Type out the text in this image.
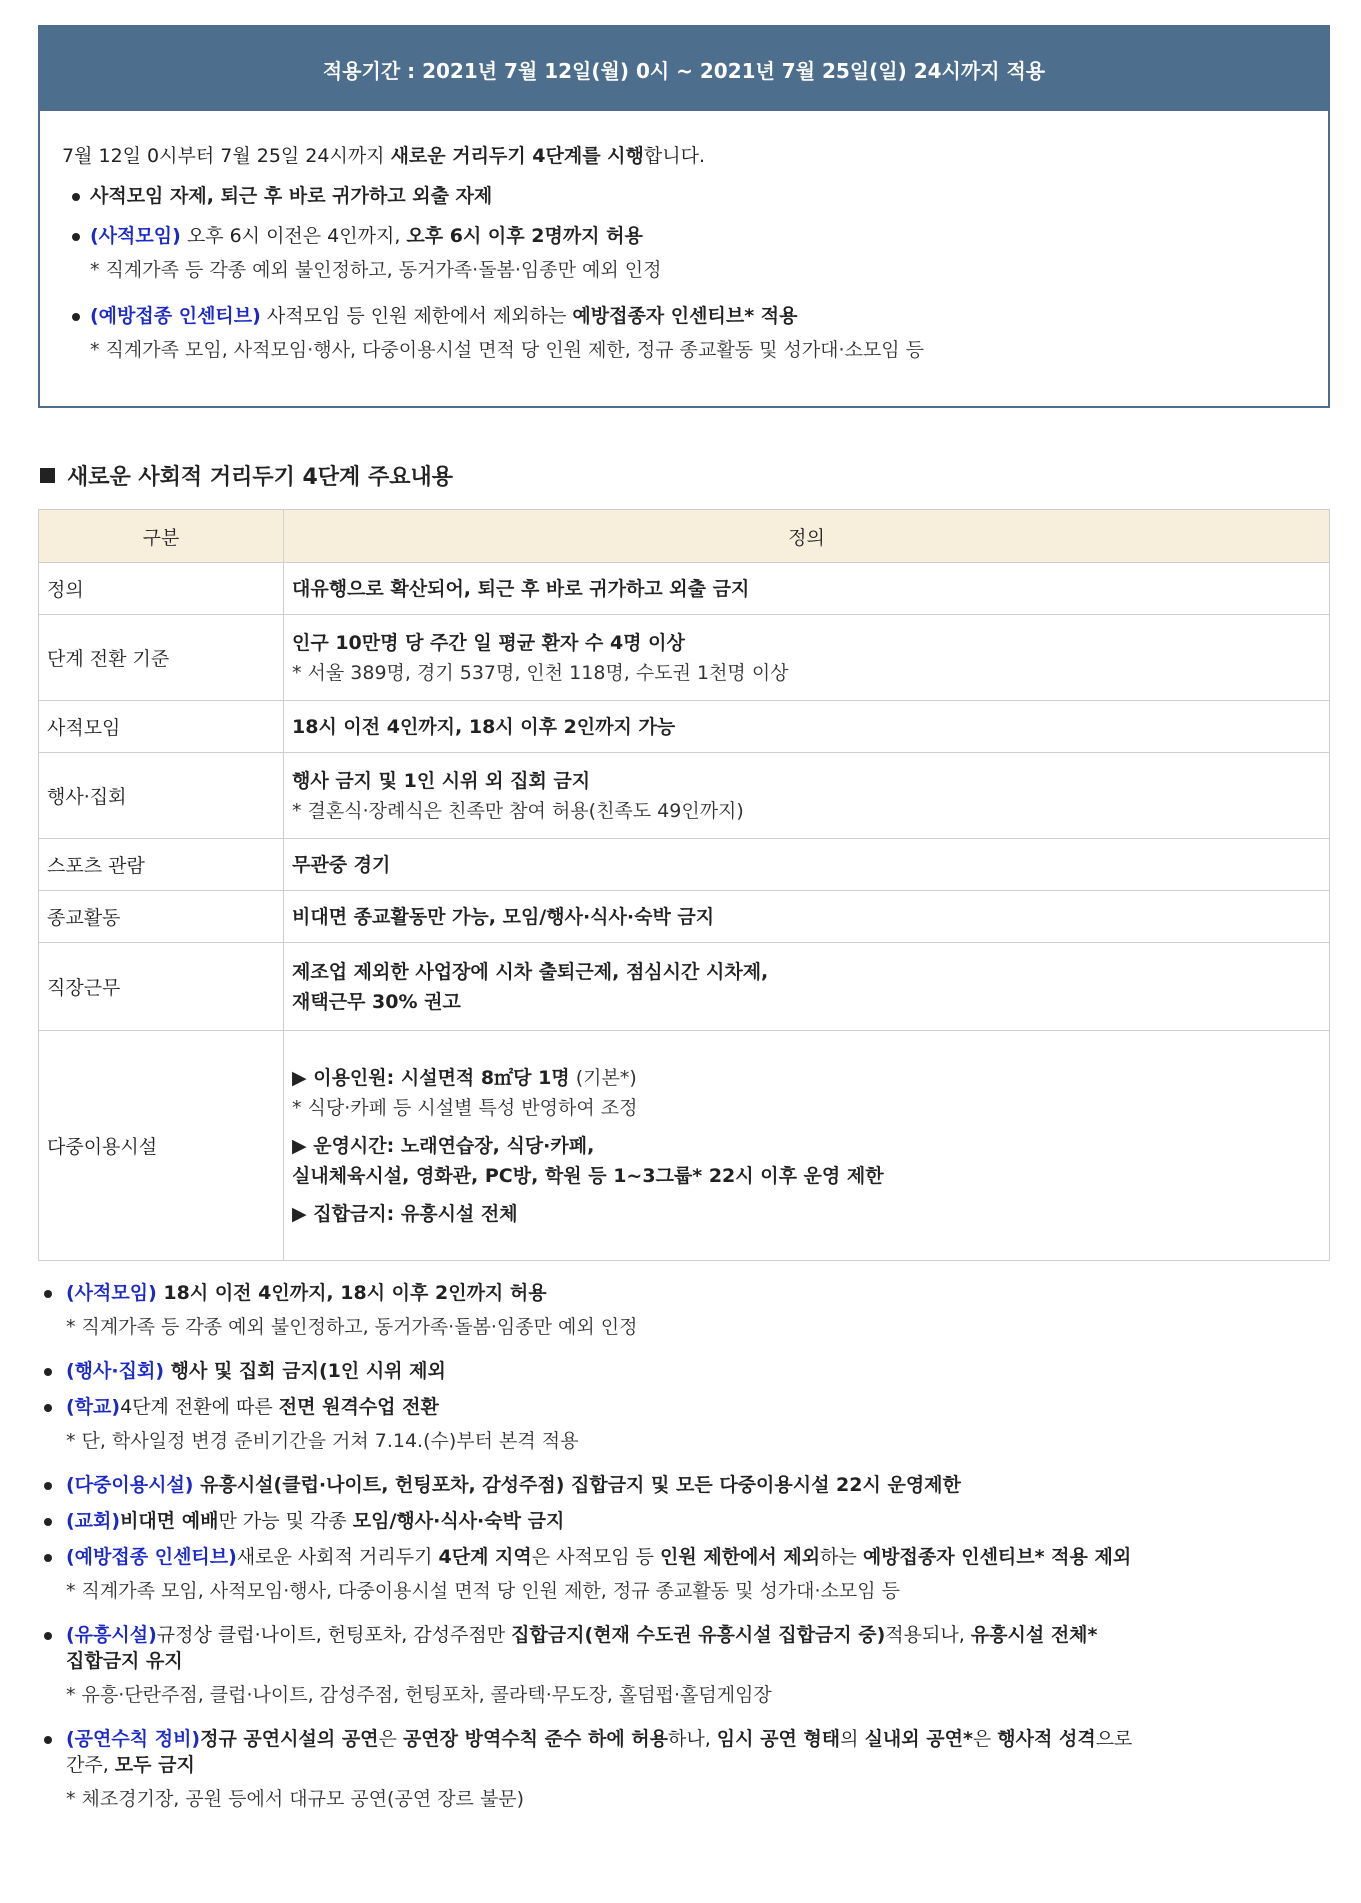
적용기간 : 2021년 7월 12일(월) 0시 ~ 2021년 7월 25일(일) 24시까지 적용
7월 12일 0시부터 7월 25일 24시까지 새로운 거리두기 4단계를 시행합니다.
사적모임 자제, 퇴근 후 바로 귀가하고 외출 자제
(사적모임) 오후 6시 이전은 4인까지, 오후 6시 이후 2명까지 허용
* 직계가족 등 각종 예외 불인정하고, 동거가족·돌봄·임종만 예외 인정
(예방접종 인센티브) 사적모임 등 인원 제한에서 제외하는 예방접종자 인센티브* 적용
* 직계가족 모임, 사적모임·행사, 다중이용시설 면적 당 인원 제한, 정규 종교활동 및 성가대·소모임 등
새로운 사회적 거리두기 4단계 주요내용
구분	정의
정의	대유행으로 확산되어, 퇴근 후 바로 귀가하고 외출 금지
단계 전환 기준	인구 10만명 당 주간 일 평균 환자 수 4명 이상
* 서울 389명, 경기 537명, 인천 118명, 수도권 1천명 이상

사적모임	18시 이전 4인까지, 18시 이후 2인까지 가능
행사·집회	행사 금지 및 1인 시위 외 집회 금지
* 결혼식·장례식은 친족만 참여 허용(친족도 49인까지)

스포츠 관람	무관중 경기
종교활동	비대면 종교활동만 가능, 모임/행사·식사·숙박 금지
직장근무	제조업 제외한 사업장에 시차 출퇴근제, 점심시간 시차제,
재택근무 30% 권고

다중이용시설	▶ 이용인원: 시설면적 8㎡당 1명 (기본*)
* 식당·카페 등 시설별 특성 반영하여 조정
▶ 운영시간: 노래연습장, 식당·카페,
실내체육시설, 영화관, PC방, 학원 등 1~3그룹* 22시 이후 운영 제한
▶ 집합금지: 유흥시설 전체
(사적모임) 18시 이전 4인까지, 18시 이후 2인까지 허용
* 직계가족 등 각종 예외 불인정하고, 동거가족·돌봄·임종만 예외 인정
(행사·집회) 행사 및 집회 금지(1인 시위 제외
(학교)4단계 전환에 따른 전면 원격수업 전환
* 단, 학사일정 변경 준비기간을 거쳐 7.14.(수)부터 본격 적용
(다중이용시설) 유흥시설(클럽·나이트, 헌팅포차, 감성주점) 집합금지 및 모든 다중이용시설 22시 운영제한
(교회)비대면 예배만 가능 및 각종 모임/행사·식사·숙박 금지
(예방접종 인센티브)새로운 사회적 거리두기 4단계 지역은 사적모임 등 인원 제한에서 제외하는 예방접종자 인센티브* 적용 제외
* 직계가족 모임, 사적모임·행사, 다중이용시설 면적 당 인원 제한, 정규 종교활동 및 성가대·소모임 등
(유흥시설)규정상 클럽·나이트, 헌팅포차, 감성주점만 집합금지(현재 수도권 유흥시설 집합금지 중)적용되나, 유흥시설 전체*
집합금지 유지
* 유흥·단란주점, 클럽·나이트, 감성주점, 헌팅포차, 콜라텍·무도장, 홀덤펍·홀덤게임장
(공연수칙 정비)정규 공연시설의 공연은 공연장 방역수칙 준수 하에 허용하나, 임시 공연 형태의 실내외 공연*은 행사적 성격으로
간주, 모두 금지
* 체조경기장, 공원 등에서 대규모 공연(공연 장르 불문)
